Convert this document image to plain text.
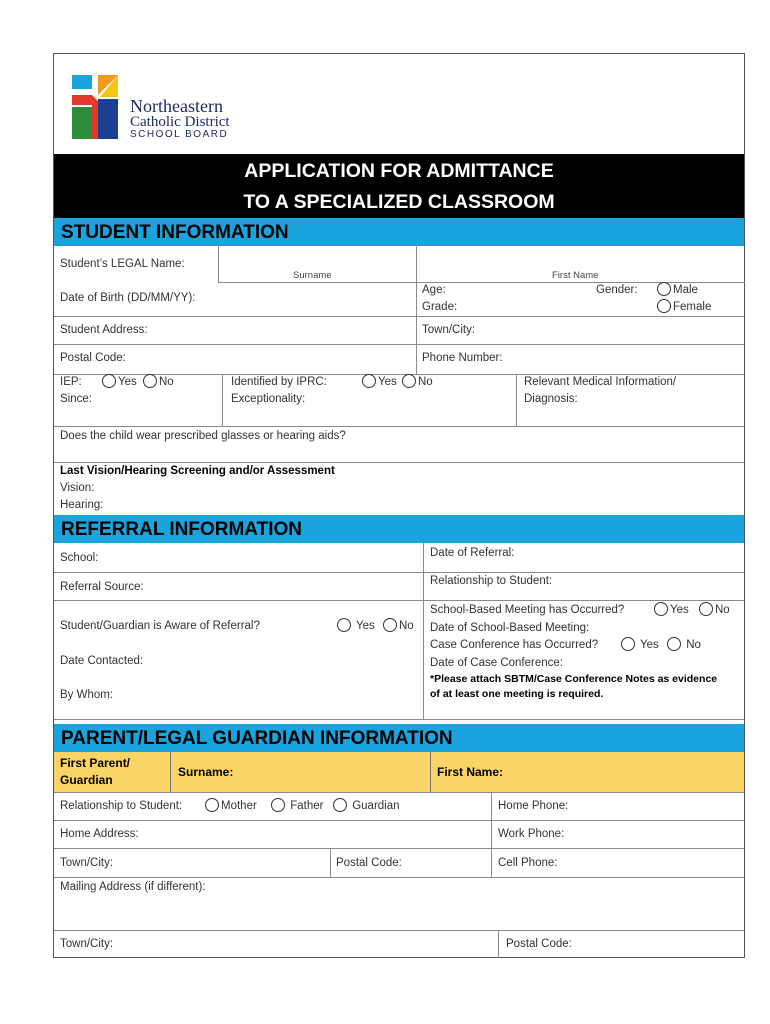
Northeastern
Catholic District
SCHOOL BOARD
APPLICATION FOR ADMITTANCE
TO A SPECIALIZED CLASSROOM
STUDENT INFORMATION
Student’s LEGAL Name:
Surname	First Name
Date of Birth (DD/MM/YY):
Age:
Grade:
Gender:	Male
Female
Student Address:	Town/City:
Postal Code:	Phone Number:
IEP:	Yes	No
Since:
Identified by IPRC:	Yes	No
Exceptionality:
Relevant Medical Information/
Diagnosis:
Does the child wear prescribed glasses or hearing aids?
Last Vision/Hearing Screening and/or Assessment
Vision:
Hearing:
REFERRAL INFORMATION
School:	Date of Referral:
Referral Source:	Relationship to Student:
Student/Guardian is Aware of Referral?	Yes	No
Date Contacted:
By Whom:
School-Based Meeting has Occurred?	Yes	No
Date of School-Based Meeting:
Case Conference has Occurred?	Yes	No
Date of Case Conference:
*Please attach SBTM/Case Conference Notes as evidence
of at least one meeting is required.
PARENT/LEGAL GUARDIAN INFORMATION
First Parent/
Guardian
Surname:	First Name:
Relationship to Student:	Mother	Father	Guardian	Home Phone:
Home Address:	Work Phone:
Town/City:	Postal Code:	Cell Phone:
Mailing Address (if different):
Town/City:	Postal Code:
